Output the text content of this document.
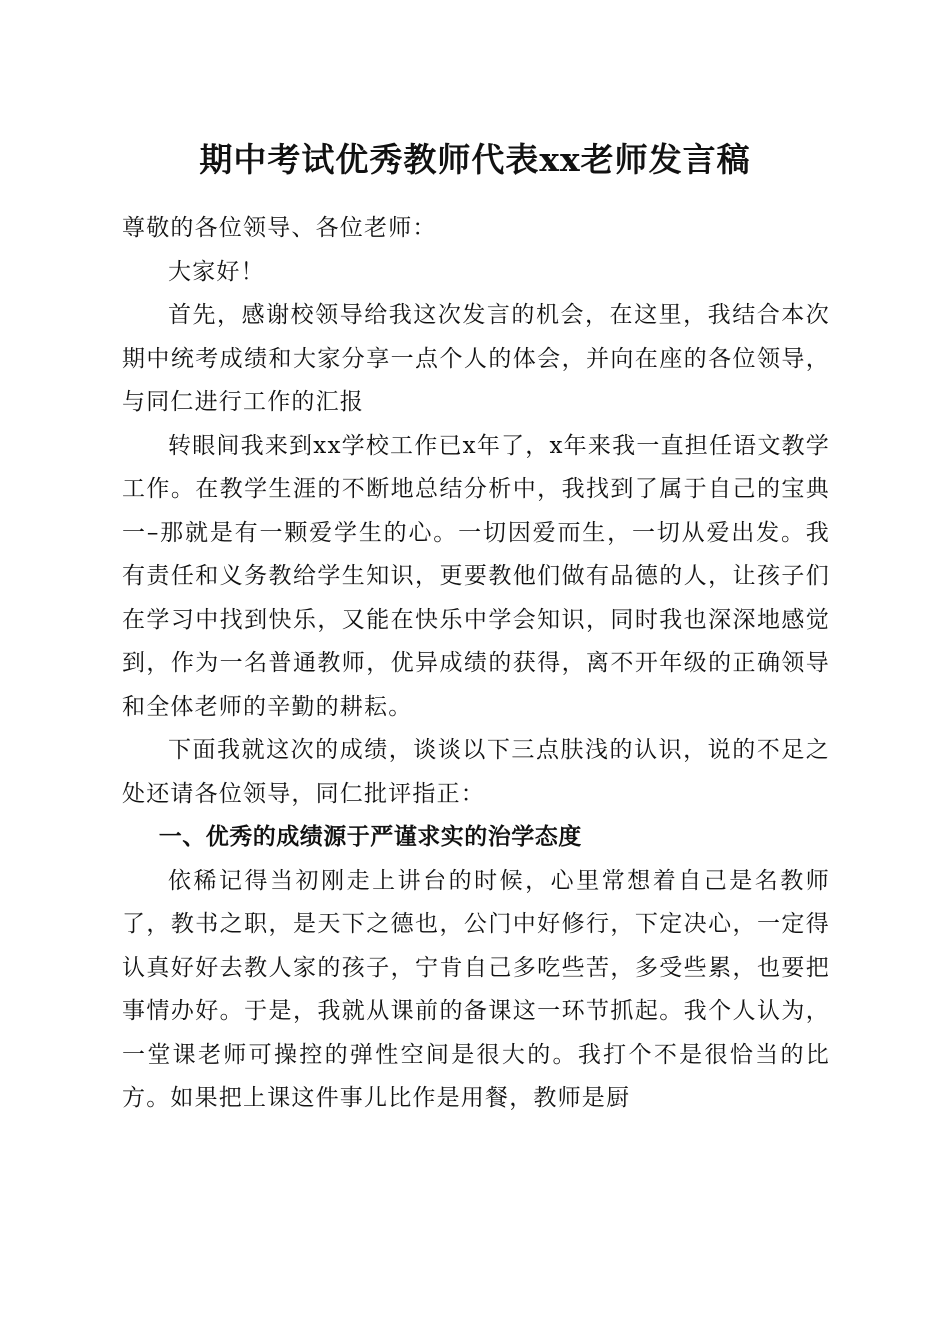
期中考试优秀教师代表xx老师发言稿

尊敬的各位领导、各位老师：

大家好！

首先，感谢校领导给我这次发言的机会，在这里，我结合本次期中统考成绩和大家分享一点个人的体会，并向在座的各位领导，与同仁进行工作的汇报

转眼间我来到xx学校工作已x年了，x年来我一直担任语文教学工作。在教学生涯的不断地总结分析中，我找到了属于自己的宝典一–那就是有一颗爱学生的心。一切因爱而生，一切从爱出发。我有责任和义务教给学生知识，更要教他们做有品德的人，让孩子们在学习中找到快乐，又能在快乐中学会知识，同时我也深深地感觉到，作为一名普通教师，优异成绩的获得，离不开年级的正确领导和全体老师的辛勤的耕耘。

下面我就这次的成绩，谈谈以下三点肤浅的认识，说的不足之处还请各位领导，同仁批评指正：

一、优秀的成绩源于严谨求实的治学态度

依稀记得当初刚走上讲台的时候，心里常想着自己是名教师了，教书之职，是天下之德也，公门中好修行，下定决心，一定得认真好好去教人家的孩子，宁肯自己多吃些苦，多受些累，也要把事情办好。于是，我就从课前的备课这一环节抓起。我个人认为，一堂课老师可操控的弹性空间是很大的。我打个不是很恰当的比方。如果把上课这件事儿比作是用餐，教师是厨
